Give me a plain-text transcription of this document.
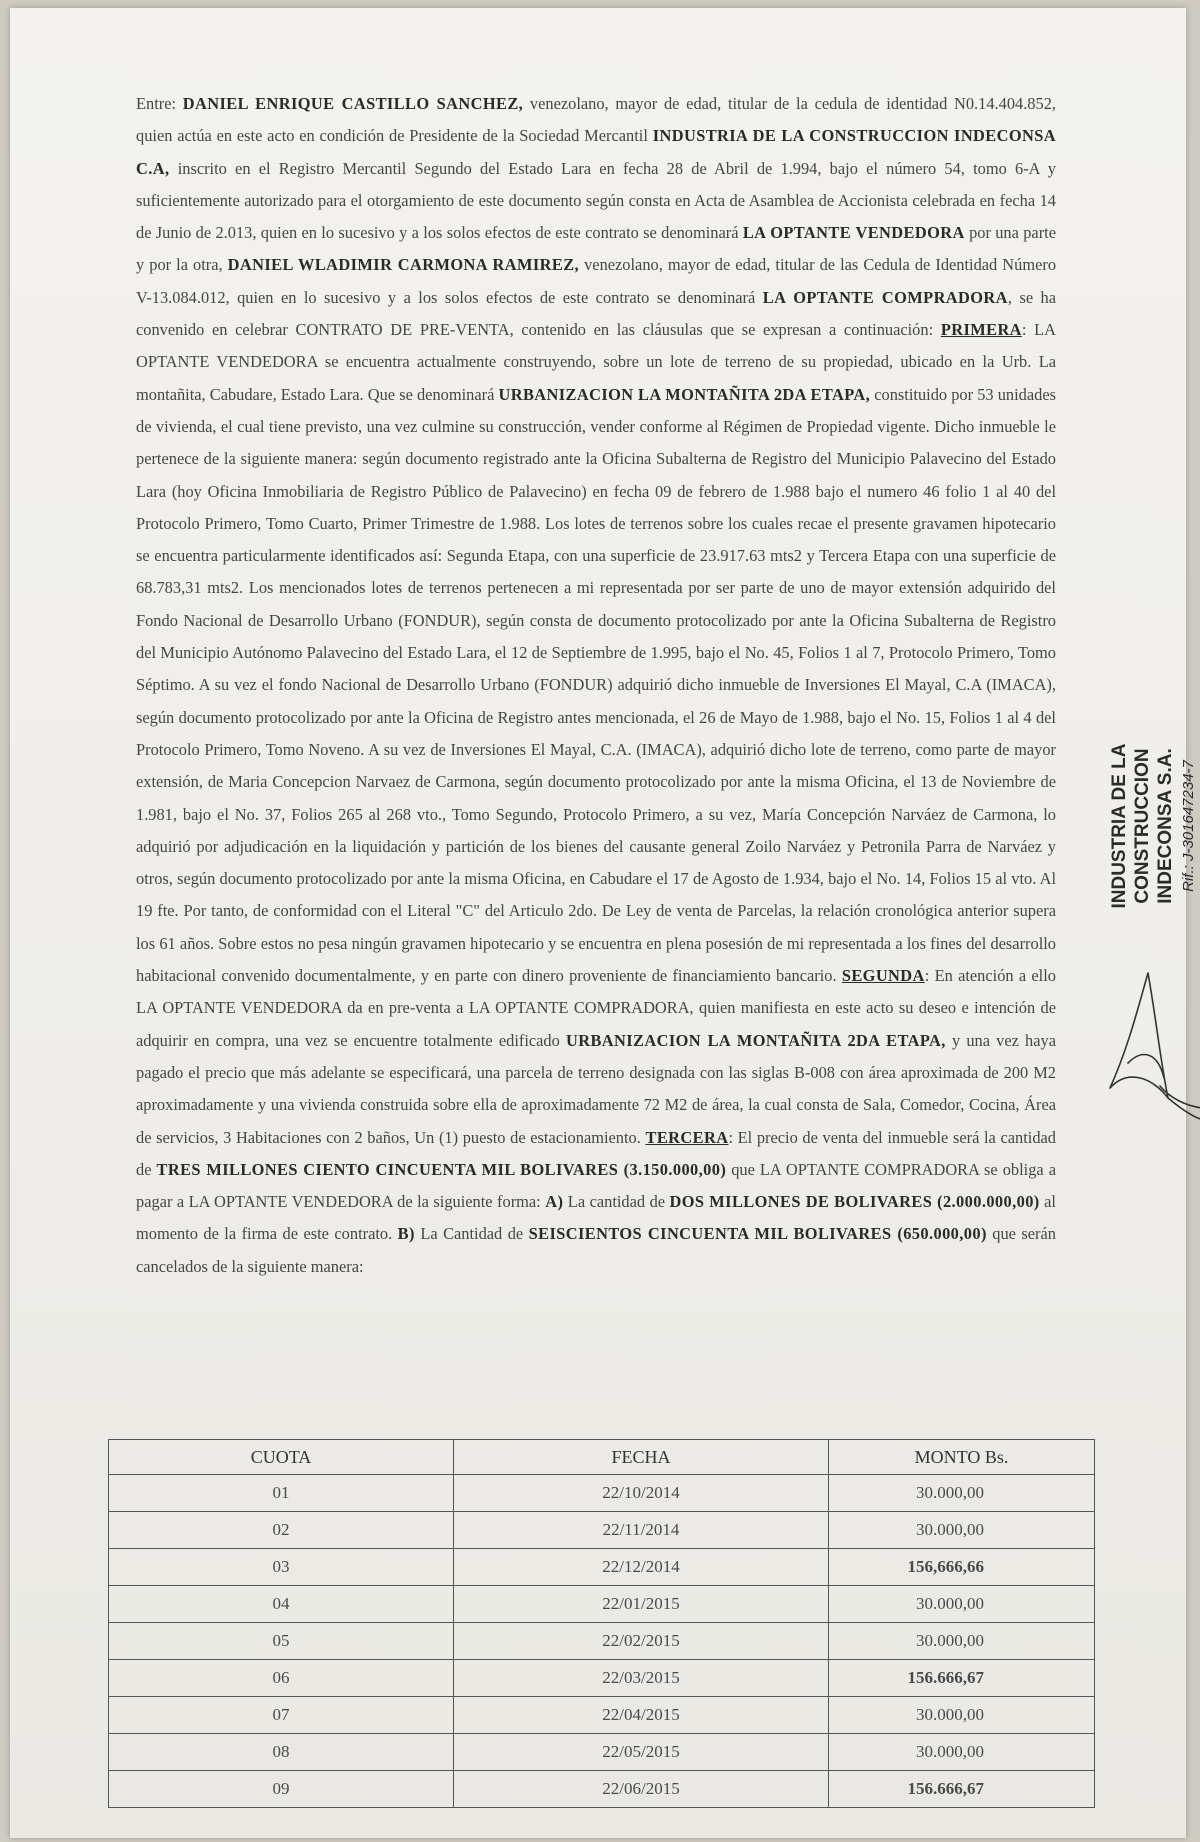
Entre: DANIEL ENRIQUE CASTILLO SANCHEZ, venezolano, mayor de edad, titular de la cedula de identidad N0.14.404.852, quien actúa en este acto en condición de Presidente de la Sociedad Mercantil INDUSTRIA DE LA CONSTRUCCION INDECONSA C.A, inscrito en el Registro Mercantil Segundo del Estado Lara en fecha 28 de Abril de 1.994, bajo el número 54, tomo 6-A y suficientemente autorizado para el otorgamiento de este documento según consta en Acta de Asamblea de Accionista celebrada en fecha 14 de Junio de 2.013, quien en lo sucesivo y a los solos efectos de este contrato se denominará LA OPTANTE VENDEDORA por una parte y por la otra, DANIEL WLADIMIR CARMONA RAMIREZ, venezolano, mayor de edad, titular de las Cedula de Identidad Número V-13.084.012, quien en lo sucesivo y a los solos efectos de este contrato se denominará LA OPTANTE COMPRADORA, se ha convenido en celebrar CONTRATO DE PRE-VENTA, contenido en las cláusulas que se expresan a continuación: PRIMERA: LA OPTANTE VENDEDORA se encuentra actualmente construyendo, sobre un lote de terreno de su propiedad, ubicado en la Urb. La montañita, Cabudare, Estado Lara. Que se denominará URBANIZACION LA MONTAÑITA 2DA ETAPA, constituido por 53 unidades de vivienda, el cual tiene previsto, una vez culmine su construcción, vender conforme al Régimen de Propiedad vigente. Dicho inmueble le pertenece de la siguiente manera: según documento registrado ante la Oficina Subalterna de Registro del Municipio Palavecino del Estado Lara (hoy Oficina Inmobiliaria de Registro Público de Palavecino) en fecha 09 de febrero de 1.988 bajo el numero 46 folio 1 al 40 del Protocolo Primero, Tomo Cuarto, Primer Trimestre de 1.988. Los lotes de terrenos sobre los cuales recae el presente gravamen hipotecario se encuentra particularmente identificados así: Segunda Etapa, con una superficie de 23.917.63 mts2 y Tercera Etapa con una superficie de 68.783,31 mts2. Los mencionados lotes de terrenos pertenecen a mi representada por ser parte de uno de mayor extensión adquirido del Fondo Nacional de Desarrollo Urbano (FONDUR), según consta de documento protocolizado por ante la Oficina Subalterna de Registro del Municipio Autónomo Palavecino del Estado Lara, el 12 de Septiembre de 1.995, bajo el No. 45, Folios 1 al 7, Protocolo Primero, Tomo Séptimo. A su vez el fondo Nacional de Desarrollo Urbano (FONDUR) adquirió dicho inmueble de Inversiones El Mayal, C.A (IMACA), según documento protocolizado por ante la Oficina de Registro antes mencionada, el 26 de Mayo de 1.988, bajo el No. 15, Folios 1 al 4 del Protocolo Primero, Tomo Noveno. A su vez de Inversiones El Mayal, C.A. (IMACA), adquirió dicho lote de terreno, como parte de mayor extensión, de Maria Concepcion Narvaez de Carmona, según documento protocolizado por ante la misma Oficina, el 13 de Noviembre de 1.981, bajo el No. 37, Folios 265 al 268 vto., Tomo Segundo, Protocolo Primero, a su vez, María Concepción Narváez de Carmona, lo adquirió por adjudicación en la liquidación y partición de los bienes del causante general Zoilo Narváez y Petronila Parra de Narváez y otros, según documento protocolizado por ante la misma Oficina, en Cabudare el 17 de Agosto de 1.934, bajo el No. 14, Folios 15 al vto. Al 19 fte. Por tanto, de conformidad con el Literal "C" del Articulo 2do. De Ley de venta de Parcelas, la relación cronológica anterior supera los 61 años. Sobre estos no pesa ningún gravamen hipotecario y se encuentra en plena posesión de mi representada a los fines del desarrollo habitacional convenido documentalmente, y en parte con dinero proveniente de financiamiento bancario. SEGUNDA: En atención a ello LA OPTANTE VENDEDORA da en pre-venta a LA OPTANTE COMPRADORA, quien manifiesta en este acto su deseo e intención de adquirir en compra, una vez se encuentre totalmente edificado URBANIZACION LA MONTAÑITA 2DA ETAPA, y una vez haya pagado el precio que más adelante se especificará, una parcela de terreno designada con las siglas B-008 con área aproximada de 200 M2 aproximadamente y una vivienda construida sobre ella de aproximadamente 72 M2 de área, la cual consta de Sala, Comedor, Cocina, Área de servicios, 3 Habitaciones con 2 baños, Un (1) puesto de estacionamiento. TERCERA: El precio de venta del inmueble será la cantidad de TRES MILLONES CIENTO CINCUENTA MIL BOLIVARES (3.150.000,00) que LA OPTANTE COMPRADORA se obliga a pagar a LA OPTANTE VENDEDORA de la siguiente forma: A) La cantidad de DOS MILLONES DE BOLIVARES (2.000.000,00) al momento de la firma de este contrato. B) La Cantidad de SEISCIENTOS CINCUENTA MIL BOLIVARES (650.000,00) que serán cancelados de la siguiente manera:

CUOTA	FECHA	MONTO Bs.
01	22/10/2014	30.000,00
02	22/11/2014	30.000,00
03	22/12/2014	156,666,66
04	22/01/2015	30.000,00
05	22/02/2015	30.000,00
06	22/03/2015	156.666,67
07	22/04/2015	30.000,00
08	22/05/2015	30.000,00
09	22/06/2015	156.666,67
INDUSTRIA DE LA CONSTRUCCION INDECONSA S.A. Rif.: J-301647234-7
